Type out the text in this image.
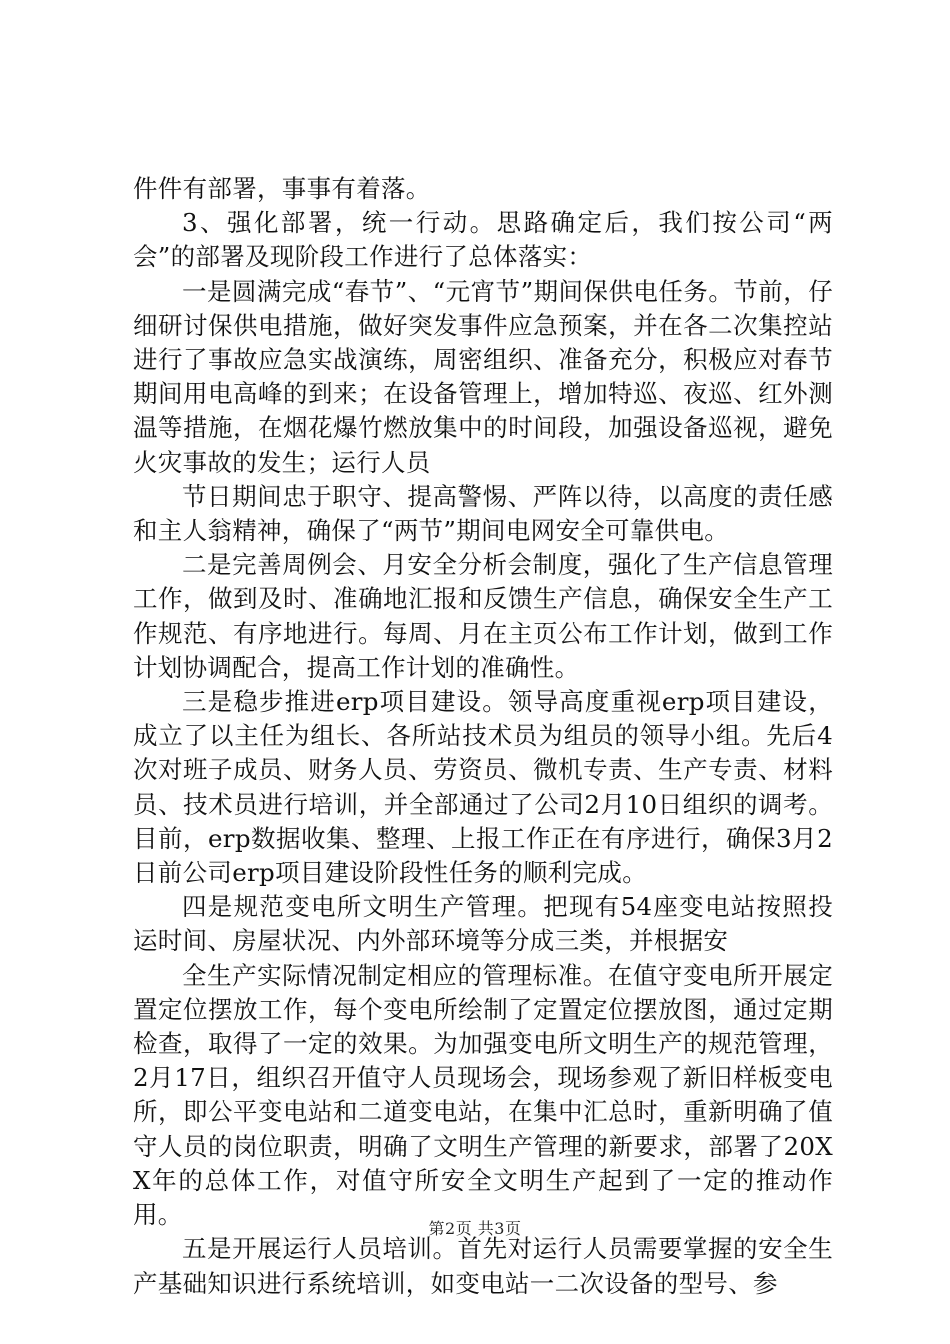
件件有部署，事事有着落。

3、强化部署，统一行动。思路确定后，我们按公司“两会”的部署及现阶段工作进行了总体落实：

一是圆满完成“春节”、“元宵节”期间保供电任务。节前，仔细研讨保供电措施，做好突发事件应急预案，并在各二次集控站进行了事故应急实战演练，周密组织、准备充分，积极应对春节期间用电高峰的到来；在设备管理上，增加特巡、夜巡、红外测温等措施，在烟花爆竹燃放集中的时间段，加强设备巡视，避免火灾事故的发生；运行人员

节日期间忠于职守、提高警惕、严阵以待，以高度的责任感和主人翁精神，确保了“两节”期间电网安全可靠供电。

二是完善周例会、月安全分析会制度，强化了生产信息管理工作，做到及时、准确地汇报和反馈生产信息，确保安全生产工作规范、有序地进行。每周、月在主页公布工作计划，做到工作计划协调配合，提高工作计划的准确性。

三是稳步推进erp项目建设。领导高度重视erp项目建设，成立了以主任为组长、各所站技术员为组员的领导小组。先后4次对班子成员、财务人员、劳资员、微机专责、生产专责、材料员、技术员进行培训，并全部通过了公司2月10日组织的调考。目前，erp数据收集、整理、上报工作正在有序进行，确保3月2日前公司erp项目建设阶段性任务的顺利完成。

四是规范变电所文明生产管理。把现有54座变电站按照投运时间、房屋状况、内外部环境等分成三类，并根据安

全生产实际情况制定相应的管理标准。在值守变电所开展定置定位摆放工作，每个变电所绘制了定置定位摆放图，通过定期检查，取得了一定的效果。为加强变电所文明生产的规范管理，2月17日，组织召开值守人员现场会，现场参观了新旧样板变电所，即公平变电站和二道变电站，在集中汇总时，重新明确了值守人员的岗位职责，明确了文明生产管理的新要求，部署了20XX年的总体工作，对值守所安全文明生产起到了一定的推动作用。

五是开展运行人员培训。首先对运行人员需要掌握的安全生产基础知识进行系统培训，如变电站一二次设备的型号、参

第2页 共3页
